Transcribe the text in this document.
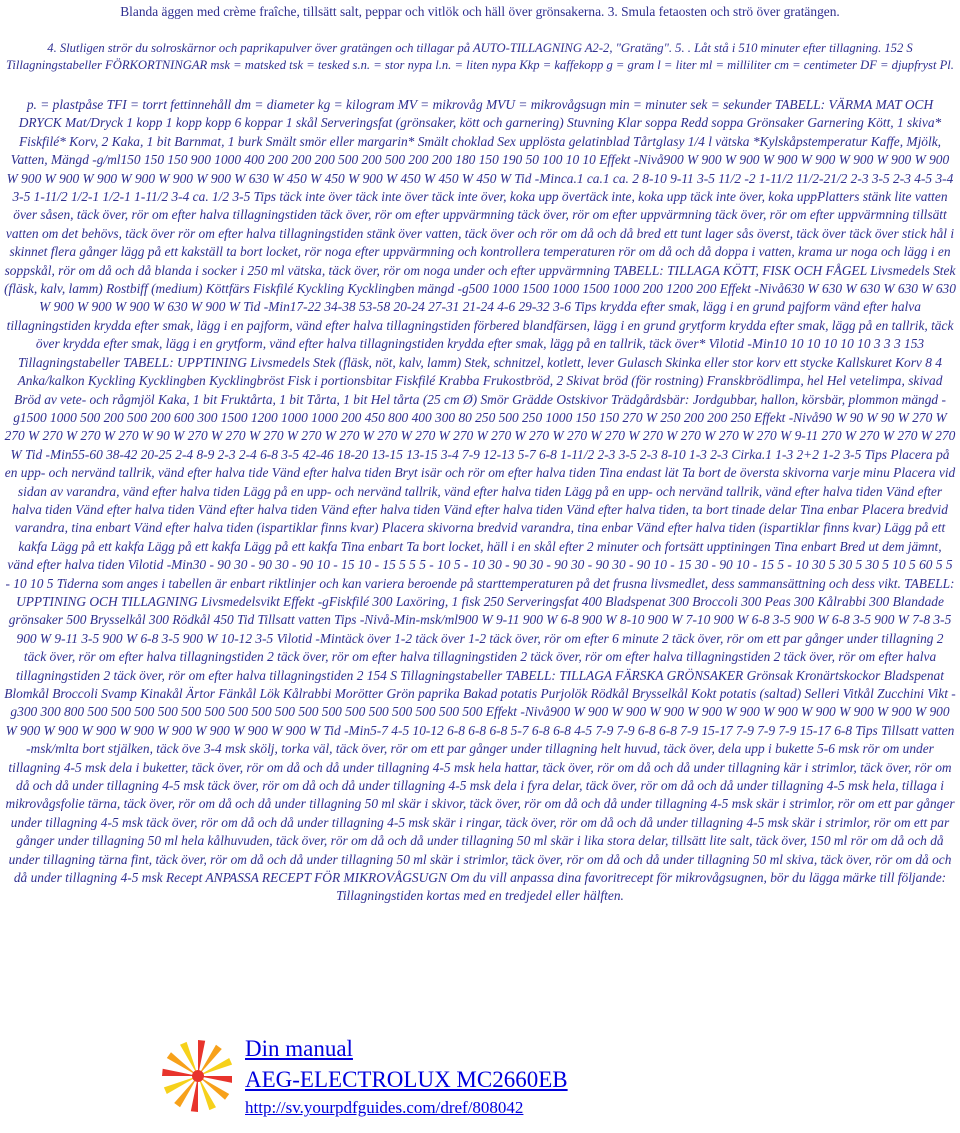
Blanda äggen med crème fraîche, tillsätt salt, peppar och vitlök och häll över grönsakerna. 3. Smula fetaosten och strö över gratängen.

4. Slutligen strör du solroskärnor och paprikapulver över gratängen och tillagar på AUTO-TILLAGNING A2-2, "Gratäng". 5. . Låt stå i 510 minuter efter tillagning. 152 S Tillagningstabeller FÖRKORTNINGAR msk = matsked tsk = tesked s.n. = stor nypa l.n. = liten nypa Kkp = kaffekopp g = gram l = liter ml = milliliter cm = centimeter DF = djupfryst Pl.

p. = plastpåse TFI = torrt fettinnehåll dm = diameter kg = kilogram MV = mikrovåg MVU = mikrovågsugn min = minuter sek = sekunder TABELL: VÄRMA MAT OCH DRYCK Mat/Dryck 1 kopp 1 kopp kopp 6 koppar 1 skål Serveringsfat (grönsaker, kött och garnering) Stuvning Klar soppa Redd soppa Grönsaker Garnering Kött, 1 skiva* Fiskfilé* Korv, 2 Kaka, 1 bit Barnmat, 1 burk Smält smör eller margarin* Smält choklad Sex upplösta gelatinblad Tårtglasy 1/4 l vätska *Kylskåpstemperatur Kaffe, Mjölk, Vatten, Mängd -g/ml150 150 150 900 1000 400 200 200 200 500 200 500 200 200 180 150 190 50 100 10 10 Effekt -Nivå900 W 900 W 900 W 900 W 900 W 900 W 900 W 900 W 900 W 900 W 900 W 900 W 900 W 900 W 630 W 450 W 450 W 900 W 450 W 450 W 450 W Tid -Minca.1 ca.1 ca. 2 8-10 9-11 3-5 11/2 -2 1-11/2 11/2-21/2 2-3 3-5 2-3 4-5 3-4 3-5 1-11/2 1/2-1 1/2-1 1-11/2 3-4 ca. 1/2 3-5 Tips täck inte över täck inte över täck inte över, koka upp övertäck inte, koka upp täck inte över, koka uppPlatters stänk lite vatten över såsen, täck över, rör om efter halva tillagningstiden täck över, rör om efter uppvärmning täck över, rör om efter uppvärmning täck över, rör om efter uppvärmning tillsätt vatten om det behövs, täck över rör om efter halva tillagningstiden stänk över vatten, täck över och rör om då och då bred ett tunt lager sås överst, täck över täck över stick hål i skinnet flera gånger lägg på ett kakställ ta bort locket, rör noga efter uppvärmning och kontrollera temperaturen rör om då och då doppa i vatten, krama ur noga och lägg i en soppskål, rör om då och då blanda i socker i 250 ml vätska, täck över, rör om noga under och efter uppvärmning TABELL: TILLAGA KÖTT, FISK OCH FÅGEL Livsmedels Stek (fläsk, kalv, lamm) Rostbiff (medium) Köttfärs Fiskfilé Kyckling Kycklingben mängd -g500 1000 1500 1000 1500 1000 200 1200 200 Effekt -Nivå630 W 630 W 630 W 630 W 630 W 900 W 900 W 900 W 630 W 900 W Tid -Min17-22 34-38 53-58 20-24 27-31 21-24 4-6 29-32 3-6 Tips krydda efter smak, lägg i en grund pajform vänd efter halva tillagningstiden krydda efter smak, lägg i en pajform, vänd efter halva tillagningstiden förbered blandfärsen, lägg i en grund grytform krydda efter smak, lägg på en tallrik, täck över krydda efter smak, lägg i en grytform, vänd efter halva tillagningstiden krydda efter smak, lägg på en tallrik, täck över* Vilotid -Min10 10 10 10 10 10 3 3 3 153 Tillagningstabeller TABELL: UPPTINING Livsmedels Stek (fläsk, nöt, kalv, lamm) Stek, schnitzel, kotlett, lever Gulasch Skinka eller stor korv ett stycke Kallskuret Korv 8 4 Anka/kalkon Kyckling Kycklingben Kycklingbröst Fisk i portionsbitar Fiskfilé Krabba Frukostbröd, 2 Skivat bröd (för rostning) Franskbrödlimpa, hel Hel vetelimpa, skivad Bröd av vete- och rågmjöl Kaka, 1 bit Fruktårta, 1 bit Tårta, 1 bit Hel tårta (25 cm Ø) Smör Grädde Ostskivor Trädgårdsbär: Jordgubbar, hallon, körsbär, plommon mängd -g1500 1000 500 200 500 200 600 300 1500 1200 1000 1000 200 450 800 400 300 80 250 500 250 1000 150 150 270 W 250 200 200 250 Effekt -Nivå90 W 90 W 90 W 270 W 270 W 270 W 270 W 270 W 90 W 270 W 270 W 270 W 270 W 270 W 270 W 270 W 270 W 270 W 270 W 270 W 270 W 270 W 270 W 270 W 270 W 9-11 270 W 270 W 270 W 270 W Tid -Min55-60 38-42 20-25 2-4 8-9 2-3 2-4 6-8 3-5 42-46 18-20 13-15 13-15 3-4 7-9 12-13 5-7 6-8 1-11/2 2-3 3-5 2-3 8-10 1-3 2-3 Cirka.1 1-3 2+2 1-2 3-5 Tips Placera på en upp- och nervänd tallrik, vänd efter halva tide Vänd efter halva tiden Bryt isär och rör om efter halva tiden Tina endast lät Ta bort de översta skivorna varje minu Placera vid sidan av varandra, vänd efter halva tiden Lägg på en upp- och nervänd tallrik, vänd efter halva tiden Lägg på en upp- och nervänd tallrik, vänd efter halva tiden Vänd efter halva tiden Vänd efter halva tiden Vänd efter halva tiden Vänd efter halva tiden Vänd efter halva tiden Vänd efter halva tiden, ta bort tinade delar Tina enbar Placera bredvid varandra, tina enbart Vänd efter halva tiden (ispartiklar finns kvar) Placera skivorna bredvid varandra, tina enbar Vänd efter halva tiden (ispartiklar finns kvar) Lägg på ett kakfa Lägg på ett kakfa Lägg på ett kakfa Lägg på ett kakfa Tina enbart Ta bort locket, häll i en skål efter 2 minuter och fortsätt upptiningen Tina enbart Bred ut dem jämnt, vänd efter halva tiden Vilotid -Min30 - 90 30 - 90 30 - 90 10 - 15 10 - 15 5 5 5 - 10 5 - 10 30 - 90 30 - 90 30 - 90 30 - 90 10 - 15 30 - 90 10 - 15 5 - 10 30 5 30 5 30 5 10 5 60 5 5 - 10 10 5 Tiderna som anges i tabellen är enbart riktlinjer och kan variera beroende på starttemperaturen på det frusna livsmedlet, dess sammansättning och dess vikt. TABELL: UPPTINING OCH TILLAGNING Livsmedelsvikt Effekt -gFiskfilé 300 Laxöring, 1 fisk 250 Serveringsfat 400 Bladspenat 300 Broccoli 300 Peas 300 Kålrabbi 300 Blandade grönsaker 500 Brysselkål 300 Rödkål 450 Tid Tillsatt vatten Tips -Nivå-Min-msk/ml900 W 9-11 900 W 6-8 900 W 8-10 900 W 7-10 900 W 6-8 3-5 900 W 6-8 3-5 900 W 7-8 3-5 900 W 9-11 3-5 900 W 6-8 3-5 900 W 10-12 3-5 Vilotid -Mintäck över 1-2 täck över 1-2 täck över, rör om efter 6 minute 2 täck över, rör om ett par gånger under tillagning 2 täck över, rör om efter halva tillagningstiden 2 täck över, rör om efter halva tillagningstiden 2 täck över, rör om efter halva tillagningstiden 2 täck över, rör om efter halva tillagningstiden 2 täck över, rör om efter halva tillagningstiden 2 154 S Tillagningstabeller TABELL: TILLAGA FÄRSKA GRÖNSAKER Grönsak Kronärtskockor Bladspenat Blomkål Broccoli Svamp Kinakål Ärtor Fänkål Lök Kålrabbi Morötter Grön paprika Bakad potatis Purjolök Rödkål Brysselkål Kokt potatis (saltad) Selleri Vitkål Zucchini Vikt -g300 300 800 500 500 500 500 500 500 500 500 500 500 500 500 500 500 500 500 500 Effekt -Nivå900 W 900 W 900 W 900 W 900 W 900 W 900 W 900 W 900 W 900 W 900 W 900 W 900 W 900 W 900 W 900 W 900 W 900 W 900 W Tid -Min5-7 4-5 10-12 6-8 6-8 6-8 5-7 6-8 6-8 4-5 7-9 7-9 6-8 6-8 7-9 15-17 7-9 7-9 7-9 15-17 6-8 Tips Tillsatt vatten -msk/mlta bort stjälken, täck öve 3-4 msk skölj, torka väl, täck över, rör om ett par gånger under tillagning helt huvud, täck över, dela upp i bukette 5-6 msk rör om under tillagning 4-5 msk dela i buketter, täck över, rör om då och då under tillagning 4-5 msk hela hattar, täck över, rör om då och då under tillagning kär i strimlor, täck över, rör om då och då under tillagning 4-5 msk täck över, rör om då och då under tillagning 4-5 msk dela i fyra delar, täck över, rör om då och då under tillagning 4-5 msk hela, tillaga i mikrovågsfolie tärna, täck över, rör om då och då under tillagning 50 ml skär i skivor, täck över, rör om då och då under tillagning 4-5 msk skär i strimlor, rör om ett par gånger under tillagning 4-5 msk täck över, rör om då och då under tillagning 4-5 msk skär i ringar, täck över, rör om då och då under tillagning 4-5 msk skär i strimlor, rör om ett par gånger under tillagning 50 ml hela kålhuvuden, täck över, rör om då och då under tillagning 50 ml skär i lika stora delar, tillsätt lite salt, täck över, 150 ml rör om då och då under tillagning tärna fint, täck över, rör om då och då under tillagning 50 ml skär i strimlor, täck över, rör om då och då under tillagning 50 ml skiva, täck över, rör om då och då under tillagning 4-5 msk Recept ANPASSA RECEPT FÖR MIKROVÅGSUGN Om du vill anpassa dina favoritrecept för mikrovågsugnen, bör du lägga märke till följande: Tillagningstiden kortas med en tredjedel eller hälften.

Din manual
AEG-ELECTROLUX MC2660EB
http://sv.yourpdfguides.com/dref/808042
